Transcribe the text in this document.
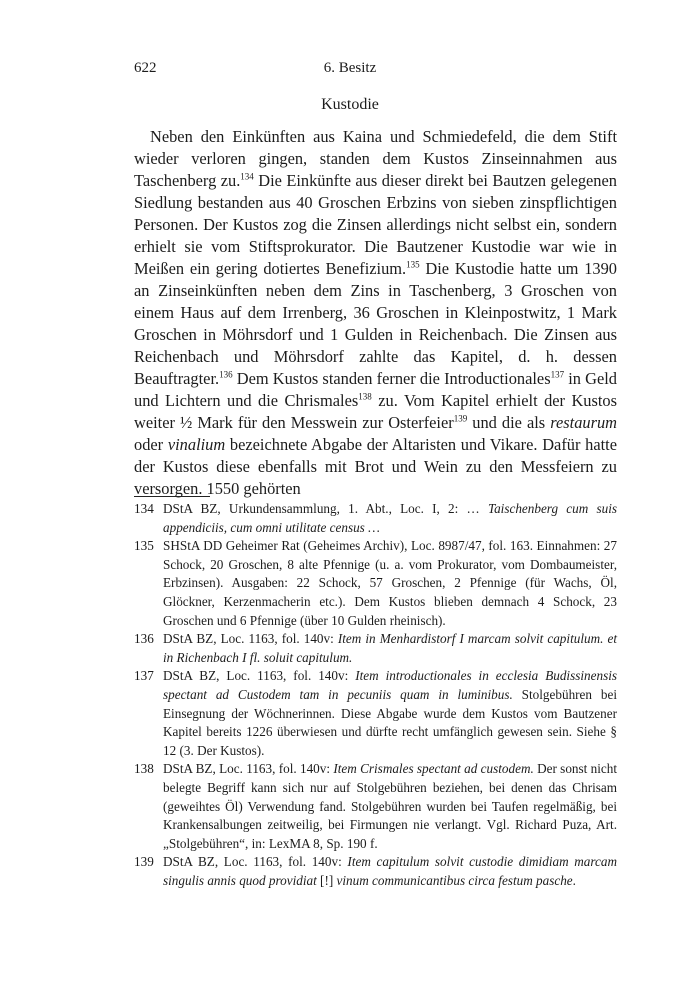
622	6. Besitz
Kustodie

Neben den Einkünften aus Kaina und Schmiedefeld, die dem Stift wieder verloren gingen, standen dem Kustos Zinseinnahmen aus Taschenberg zu.$^{134}$ Die Einkünfte aus dieser direkt bei Bautzen gelegenen Siedlung bestanden aus 40 Groschen Erbzins von sieben zinspflichtigen Personen. Der Kustos zog die Zinsen allerdings nicht selbst ein, sondern erhielt sie vom Stiftsprokurator. Die Bautzener Kustodie war wie in Meißen ein gering dotiertes Benefizium.$^{135}$ Die Kustodie hatte um 1390 an Zinseinkünften neben dem Zins in Taschenberg, 3 Groschen von einem Haus auf dem Irrenberg, 36 Groschen in Kleinpostwitz, 1 Mark Groschen in Möhrsdorf und 1 Gulden in Reichenbach. Die Zinsen aus Reichenbach und Möhrsdorf zahlte das Kapitel, d. h. dessen Beauftragter.$^{136}$ Dem Kustos standen ferner die Introductionales$^{137}$ in Geld und Lichtern und die Chrismales$^{138}$ zu. Vom Kapitel erhielt der Kustos weiter ½ Mark für den Messwein zur Osterfeier$^{139}$ und die als restaurum oder vinalium bezeichnete Abgabe der Altaristen und Vikare. Dafür hatte der Kustos diese ebenfalls mit Brot und Wein zu den Messfeiern zu versorgen. 1550 gehörten

134 DStA BZ, Urkundensammlung, 1. Abt., Loc. I, 2: … Taischenberg cum suis appendiciis, cum omni utilitate census …
135 SHStA DD Geheimer Rat (Geheimes Archiv), Loc. 8987/47, fol. 163. Einnahmen: 27 Schock, 20 Groschen, 8 alte Pfennige (u. a. vom Prokurator, vom Dombaumeister, Erbzinsen). Ausgaben: 22 Schock, 57 Groschen, 2 Pfennige (für Wachs, Öl, Glöckner, Kerzenmacherin etc.). Dem Kustos blieben demnach 4 Schock, 23 Groschen und 6 Pfennige (über 10 Gulden rheinisch).
136 DStA BZ, Loc. 1163, fol. 140v: Item in Menhardistorf I marcam solvit capitulum. et in Richenbach I fl. soluit capitulum.
137 DStA BZ, Loc. 1163, fol. 140v: Item introductionales in ecclesia Budissinensis spectant ad Custodem tam in pecuniis quam in luminibus. Stolgebühren bei Einsegnung der Wöchnerinnen. Diese Abgabe wurde dem Kustos vom Bautzener Kapitel bereits 1226 überwiesen und dürfte recht umfänglich gewesen sein. Siehe § 12 (3. Der Kustos).
138 DStA BZ, Loc. 1163, fol. 140v: Item Crismales spectant ad custodem. Der sonst nicht belegte Begriff kann sich nur auf Stolgebühren beziehen, bei denen das Chrisam (geweihtes Öl) Verwendung fand. Stolgebühren wurden bei Taufen regelmäßig, bei Krankensalbungen zeitweilig, bei Firmungen nie verlangt. Vgl. Richard Puza, Art. „Stolgebühren“, in: LexMA 8, Sp. 190 f.
139 DStA BZ, Loc. 1163, fol. 140v: Item capitulum solvit custodie dimidiam marcam singulis annis quod providiat [!] vinum communicantibus circa festum pasche.
